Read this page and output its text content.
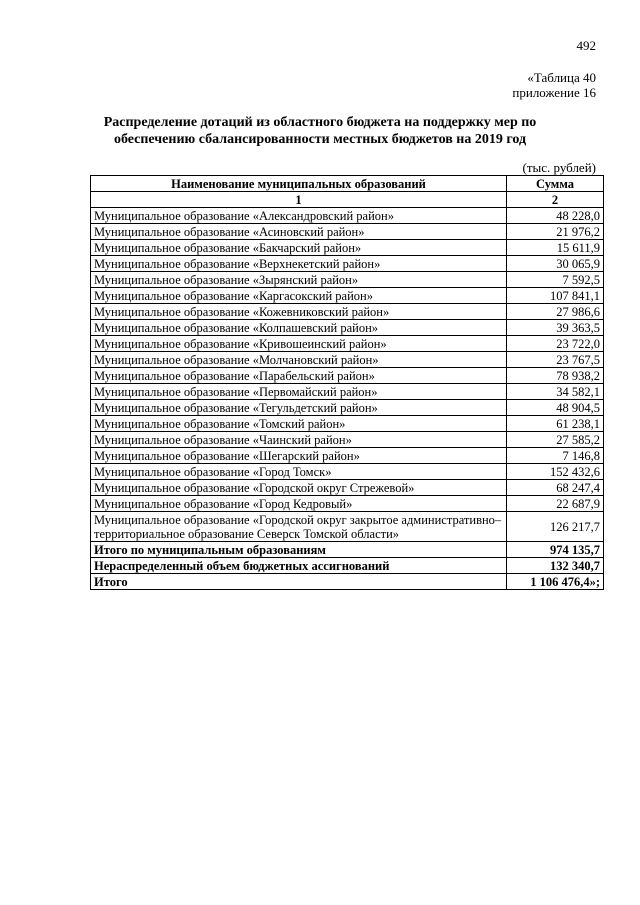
492
«Таблица 40
приложение 16
Распределение дотаций из областного бюджета на поддержку мер по
обеспечению сбалансированности местных бюджетов на 2019 год
(тыс. рублей)
Наименование муниципальных образований	Сумма
1	2
Муниципальное образование «Александровский район»	48 228,0
Муниципальное образование «Асиновский район»	21 976,2
Муниципальное образование «Бакчарский район»	15 611,9
Муниципальное образование «Верхнекетский район»	30 065,9
Муниципальное образование «Зырянский район»	7 592,5
Муниципальное образование «Каргасокский район»	107 841,1
Муниципальное образование «Кожевниковский район»	27 986,6
Муниципальное образование «Колпашевский район»	39 363,5
Муниципальное образование «Кривошеинский район»	23 722,0
Муниципальное образование «Молчановский район»	23 767,5
Муниципальное образование «Парабельский район»	78 938,2
Муниципальное образование «Первомайский район»	34 582,1
Муниципальное образование «Тегульдетский район»	48 904,5
Муниципальное образование «Томский район»	61 238,1
Муниципальное образование «Чаинский район»	27 585,2
Муниципальное образование «Шегарский район»	7 146,8
Муниципальное образование «Город Томск»	152 432,6
Муниципальное образование «Городской округ Стрежевой»	68 247,4
Муниципальное образование «Город Кедровый»	22 687,9
Муниципальное образование «Городской округ закрытое административно–территориальное образование Северск Томской области»	126 217,7
Итого по муниципальным образованиям	974 135,7
Нераспределенный объем бюджетных ассигнований	132 340,7
Итого	1 106 476,4»;
